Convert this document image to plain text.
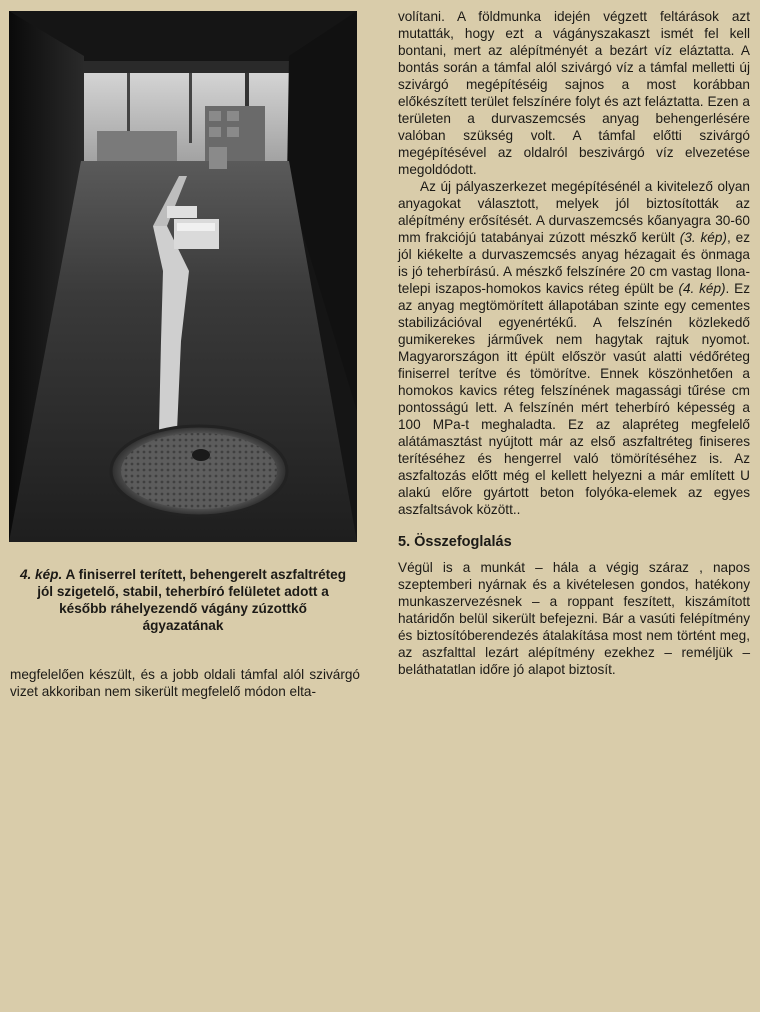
4. kép. A finiserrel terített, behengerelt aszfaltréteg jól szigetelő, stabil, teherbíró felületet adott a később ráhelyezendő vágány zúzottkő ágyazatának
megfelelően készült, és a jobb oldali támfal alól szivárgó vizet akkoriban nem sikerült megfelelő módon elta-

volítani. A földmunka idején végzett feltárások azt mutatták, hogy ezt a vágányszakaszt ismét fel kell bontani, mert az alépítményét a bezárt víz eláztatta. A bontás során a támfal alól szivárgó víz a támfal melletti új szivárgó megépítéséig sajnos a most korábban előkészített terület felszínére folyt és azt feláztatta. Ezen a területen a durvaszemcsés anyag behengerlésére valóban szükség volt. A támfal előtti szivárgó megépítésével az oldalról beszivárgó víz elvezetése megoldódott.

Az új pályaszerkezet megépítésénél a kivitelező olyan anyagokat választott, melyek jól biztosították az alépítmény erősítését. A durvaszemcsés kőanyagra 30-60 mm frakciójú tatabányai zúzott mészkő került (3. kép), ez jól kiékelte a durvaszemcsés anyag hézagait és önmaga is jó teherbírású. A mészkő felszínére 20 cm vastag Ilona-telepi iszapos-homokos kavics réteg épült be (4. kép). Ez az anyag megtömörített állapotában szinte egy cementes stabilizációval egyenértékű. A felszínén közlekedő gumikerekes járművek nem hagytak rajtuk nyomot. Magyarországon itt épült először vasút alatti védőréteg finiserrel terítve és tömörítve. Ennek köszönhetően a homokos kavics réteg felszínének magassági tűrése cm pontosságú lett. A felszínén mért teherbíró képesség a 100 MPa-t meghaladta. Ez az alapréteg megfelelő alátámasztást nyújtott már az első aszfaltréteg finiseres terítéséhez és hengerrel való tömörítéséhez is. Az aszfaltozás előtt még el kellett helyezni a már említett U alakú előre gyártott beton folyóka-elemek az egyes aszfaltsávok között..

5. Összefoglalás

Végül is a munkát – hála a végig száraz , napos szeptemberi nyárnak és a kivételesen gondos, hatékony munkaszervezésnek – a roppant feszített, kiszámított határidőn belül sikerült befejezni. Bár a vasúti felépítmény és biztosítóberendezés átalakítása most nem történt meg, az aszfalttal lezárt alépítmény ezekhez – reméljük – beláthatatlan időre jó alapot biztosít.
